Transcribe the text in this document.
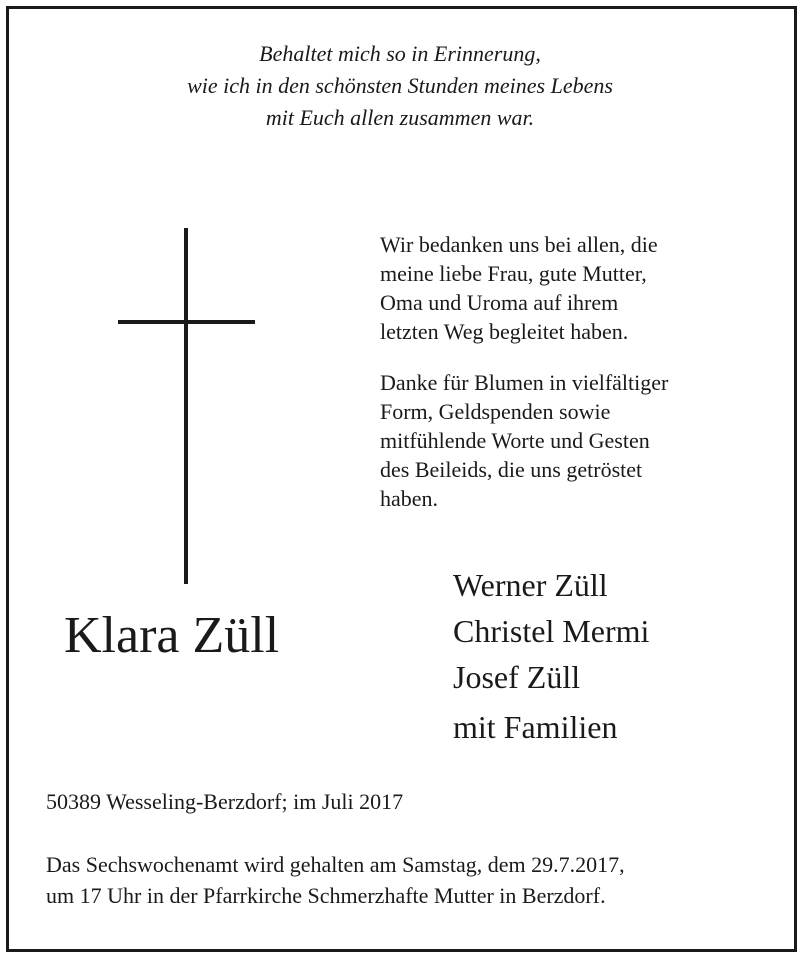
Behaltet mich so in Erinnerung,
wie ich in den schönsten Stunden meines Lebens
mit Euch allen zusammen war.
Klara Züll
Wir bedanken uns bei allen, die
meine liebe Frau, gute Mutter,
Oma und Uroma auf ihrem
letzten Weg begleitet haben.
Danke für Blumen in vielfältiger
Form, Geldspenden sowie
mitfühlende Worte und Gesten
des Beileids, die uns getröstet
haben.
Werner Züll
Christel Mermi
Josef Züll
mit Familien
50389 Wesseling-Berzdorf; im Juli 2017
Das Sechswochenamt wird gehalten am Samstag, dem 29.7.2017,
um 17 Uhr in der Pfarrkirche Schmerzhafte Mutter in Berzdorf.
